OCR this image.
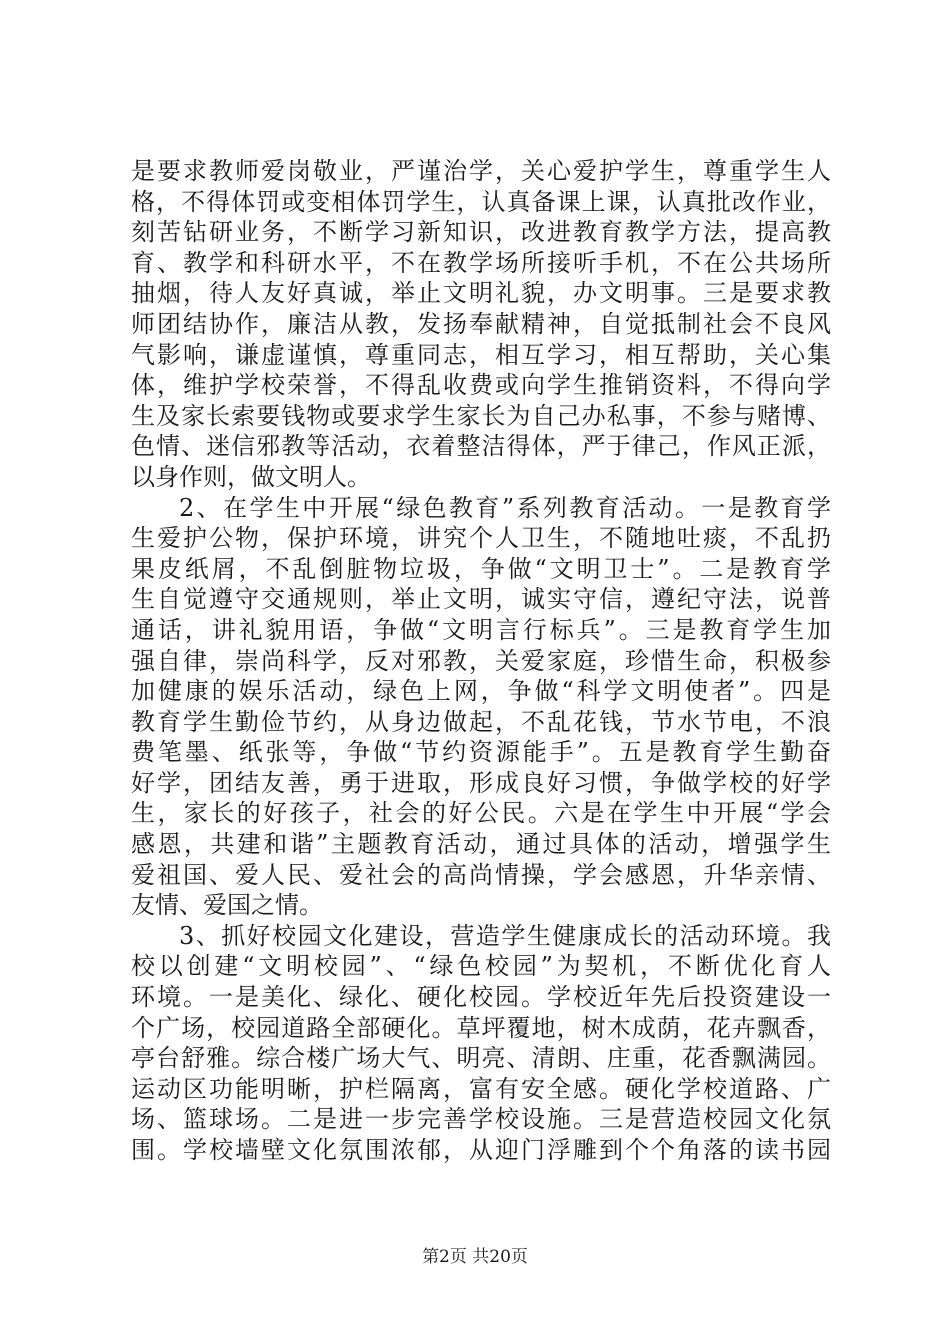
是要求教师爱岗敬业，严谨治学，关心爱护学生，尊重学生人
格，不得体罚或变相体罚学生，认真备课上课，认真批改作业，
刻苦钻研业务，不断学习新知识，改进教育教学方法，提高教
育、教学和科研水平，不在教学场所接听手机，不在公共场所
抽烟，待人友好真诚，举止文明礼貌，办文明事。三是要求教
师团结协作，廉洁从教，发扬奉献精神，自觉抵制社会不良风
气影响，谦虚谨慎，尊重同志，相互学习，相互帮助，关心集
体，维护学校荣誉，不得乱收费或向学生推销资料，不得向学
生及家长索要钱物或要求学生家长为自己办私事，不参与赌博、
色情、迷信邪教等活动，衣着整洁得体，严于律己，作风正派，
以身作则，做文明人。
2、在学生中开展“绿色教育”系列教育活动。一是教育学
生爱护公物，保护环境，讲究个人卫生，不随地吐痰，不乱扔
果皮纸屑，不乱倒脏物垃圾，争做“文明卫士”。二是教育学
生自觉遵守交通规则，举止文明，诚实守信，遵纪守法，说普
通话，讲礼貌用语，争做“文明言行标兵”。三是教育学生加
强自律，崇尚科学，反对邪教，关爱家庭，珍惜生命，积极参
加健康的娱乐活动，绿色上网，争做“科学文明使者”。四是
教育学生勤俭节约，从身边做起，不乱花钱，节水节电，不浪
费笔墨、纸张等，争做“节约资源能手”。五是教育学生勤奋
好学，团结友善，勇于进取，形成良好习惯，争做学校的好学
生，家长的好孩子，社会的好公民。六是在学生中开展“学会
感恩，共建和谐”主题教育活动，通过具体的活动，增强学生
爱祖国、爱人民、爱社会的高尚情操，学会感恩，升华亲情、
友情、爱国之情。
3、抓好校园文化建设，营造学生健康成长的活动环境。我
校以创建“文明校园”、“绿色校园”为契机，不断优化育人
环境。一是美化、绿化、硬化校园。学校近年先后投资建设一
个广场，校园道路全部硬化。草坪覆地，树木成荫，花卉飘香，
亭台舒雅。综合楼广场大气、明亮、清朗、庄重，花香飘满园。
运动区功能明晰，护栏隔离，富有安全感。硬化学校道路、广
场、篮球场。二是进一步完善学校设施。三是营造校园文化氛
围。学校墙壁文化氛围浓郁，从迎门浮雕到个个角落的读书园
第2页 共20页
